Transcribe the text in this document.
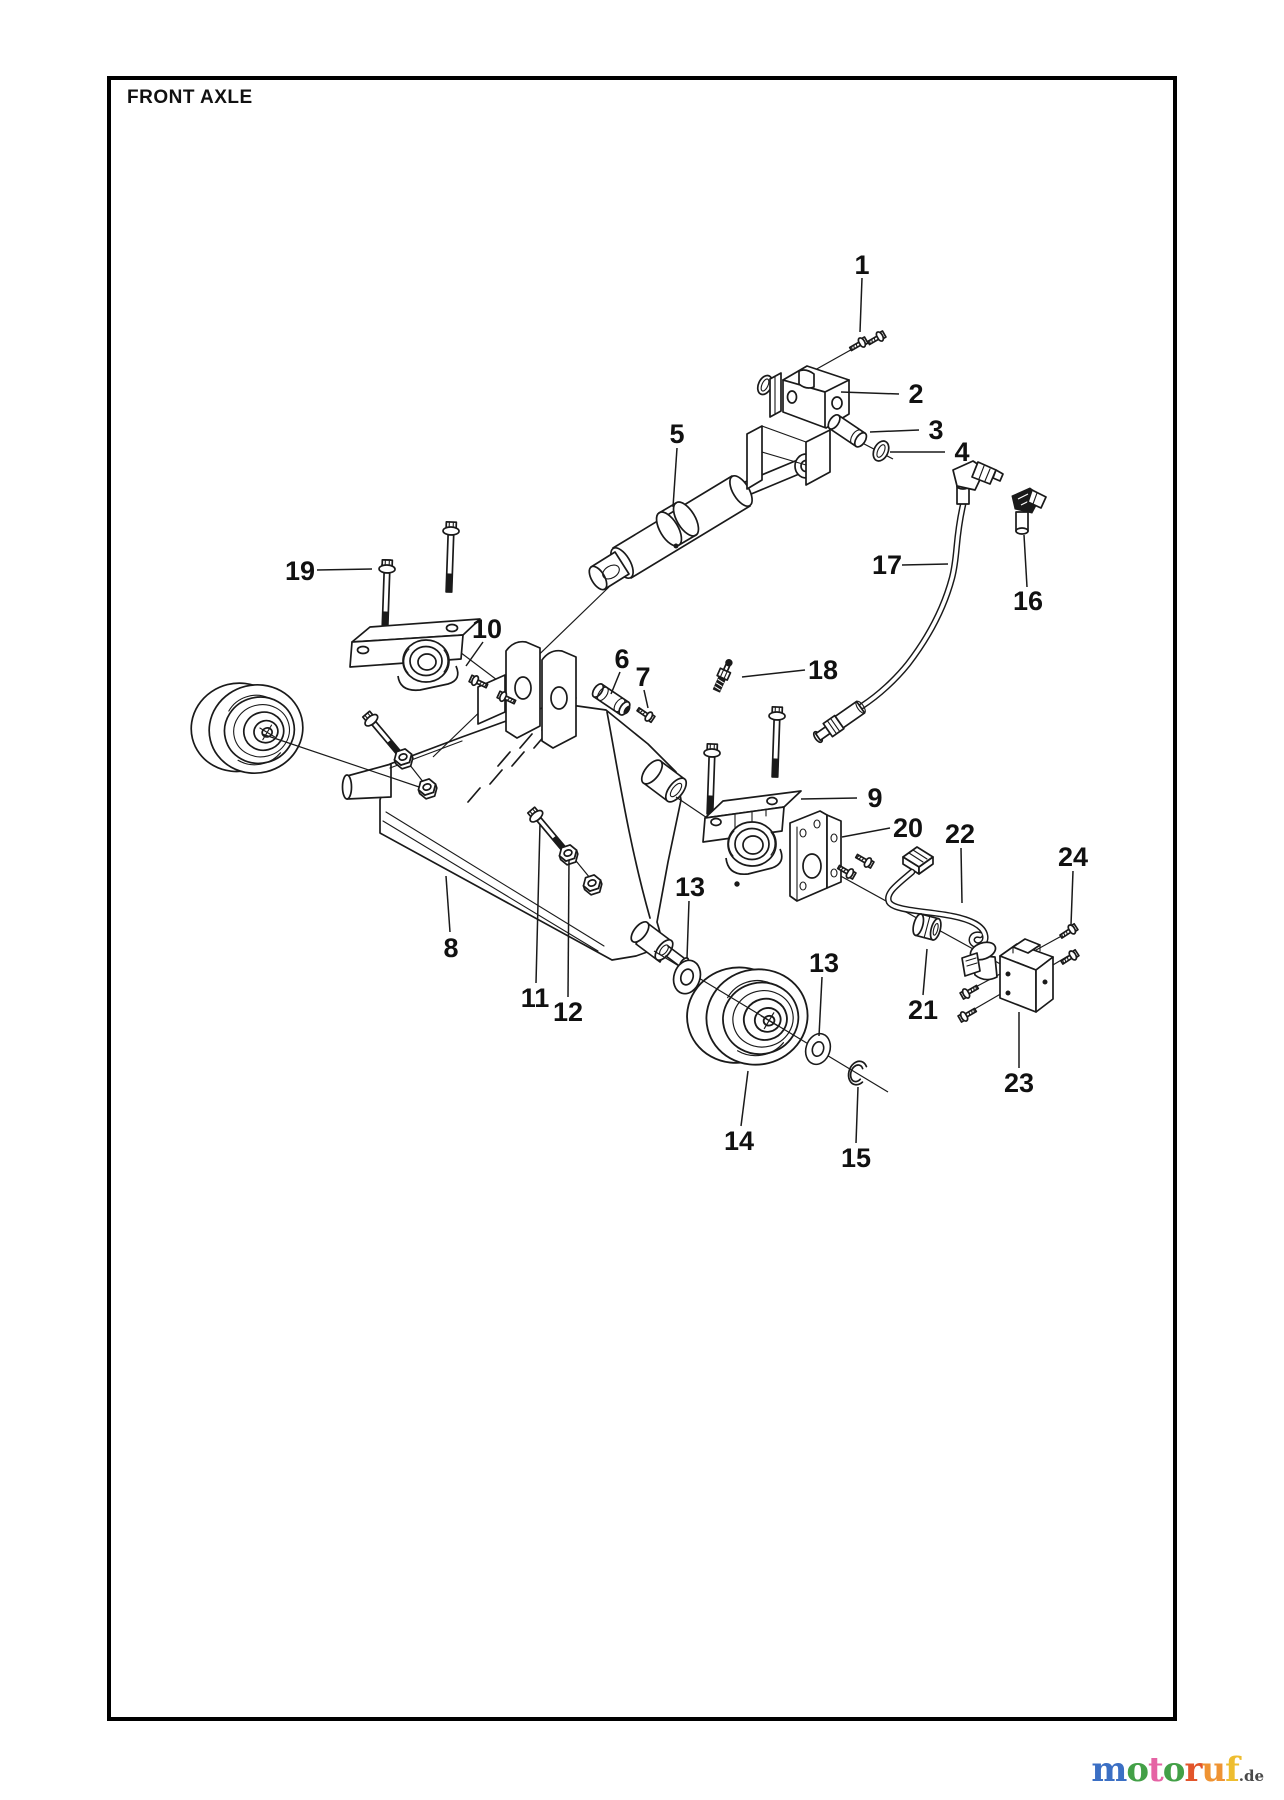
FRONT AXLE
1
2
3
4
5
6
7
8
9
10
11 12
13
13
14
15
16
17
18
19
20
21
22
23
24
motoruf.de
